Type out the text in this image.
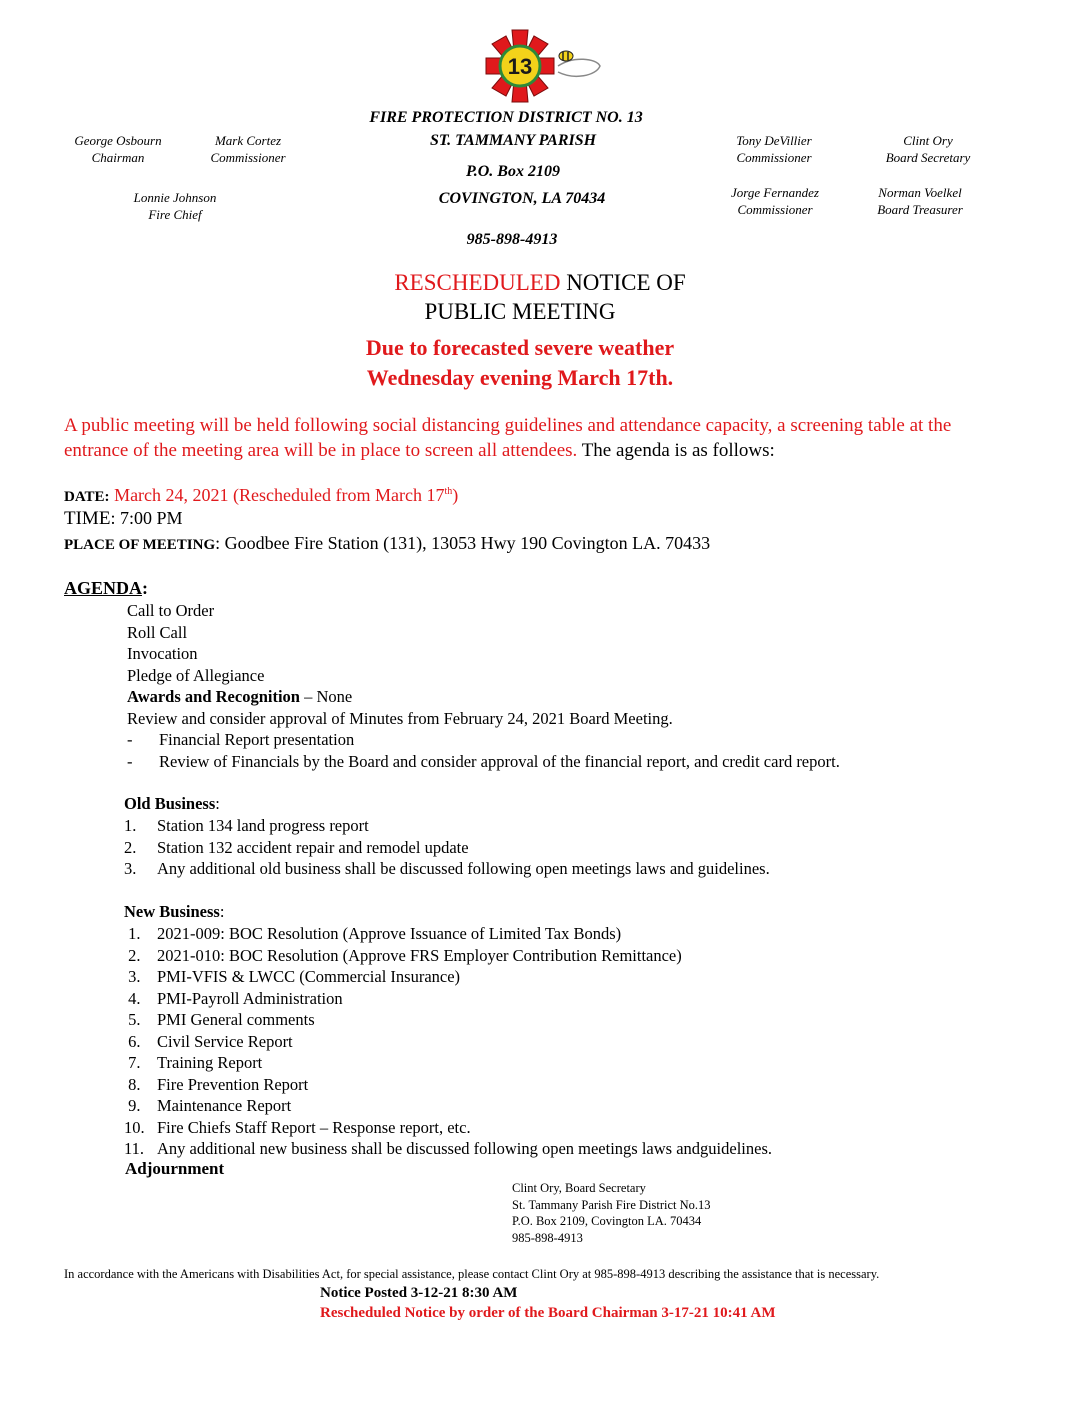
13
FIRE PROTECTION DISTRICT NO. 13
ST. TAMMANY PARISH
P.O. Box 2109
COVINGTON, LA 70434
985-898-4913
George Osbourn
Chairman
Mark Cortez
Commissioner
Lonnie Johnson
Fire Chief
Tony DeVillier
Commissioner
Clint Ory
Board Secretary
Jorge Fernandez
Commissioner
Norman Voelkel
Board Treasurer
RESCHEDULED NOTICE OF
PUBLIC MEETING
Due to forecasted severe weather
Wednesday evening March 17th.
A public meeting will be held following social distancing guidelines and attendance capacity, a screening table at the entrance of the meeting area will be in place to screen all attendees. The agenda is as follows:
DATE: March 24, 2021 (Rescheduled from March 17th)
TIME: 7:00 PM
PLACE OF MEETING: Goodbee Fire Station (131), 13053 Hwy 190 Covington LA. 70433
AGENDA:
Call to Order
Roll Call
Invocation
Pledge of Allegiance
Awards and Recognition – None
Review and consider approval of Minutes from February 24, 2021 Board Meeting.
- Financial Report presentation
- Review of Financials by the Board and consider approval of the financial report, and credit card report.
Old Business:
1. Station 134 land progress report
2. Station 132 accident repair and remodel update
3. Any additional old business shall be discussed following open meetings laws and guidelines.
New Business:
1. 2021-009: BOC Resolution (Approve Issuance of Limited Tax Bonds)
2. 2021-010: BOC Resolution (Approve FRS Employer Contribution Remittance)
3. PMI-VFIS & LWCC (Commercial Insurance)
4. PMI-Payroll Administration
5. PMI General comments
6. Civil Service Report
7. Training Report
8. Fire Prevention Report
9. Maintenance Report
10. Fire Chiefs Staff Report – Response report, etc.
11. Any additional new business shall be discussed following open meetings laws andguidelines.
Adjournment
Clint Ory, Board Secretary
St. Tammany Parish Fire District No.13
P.O. Box 2109, Covington LA. 70434
985-898-4913
In accordance with the Americans with Disabilities Act, for special assistance, please contact Clint Ory at 985-898-4913 describing the assistance that is necessary.
Notice Posted 3-12-21 8:30 AM
Rescheduled Notice by order of the Board Chairman 3-17-21 10:41 AM
